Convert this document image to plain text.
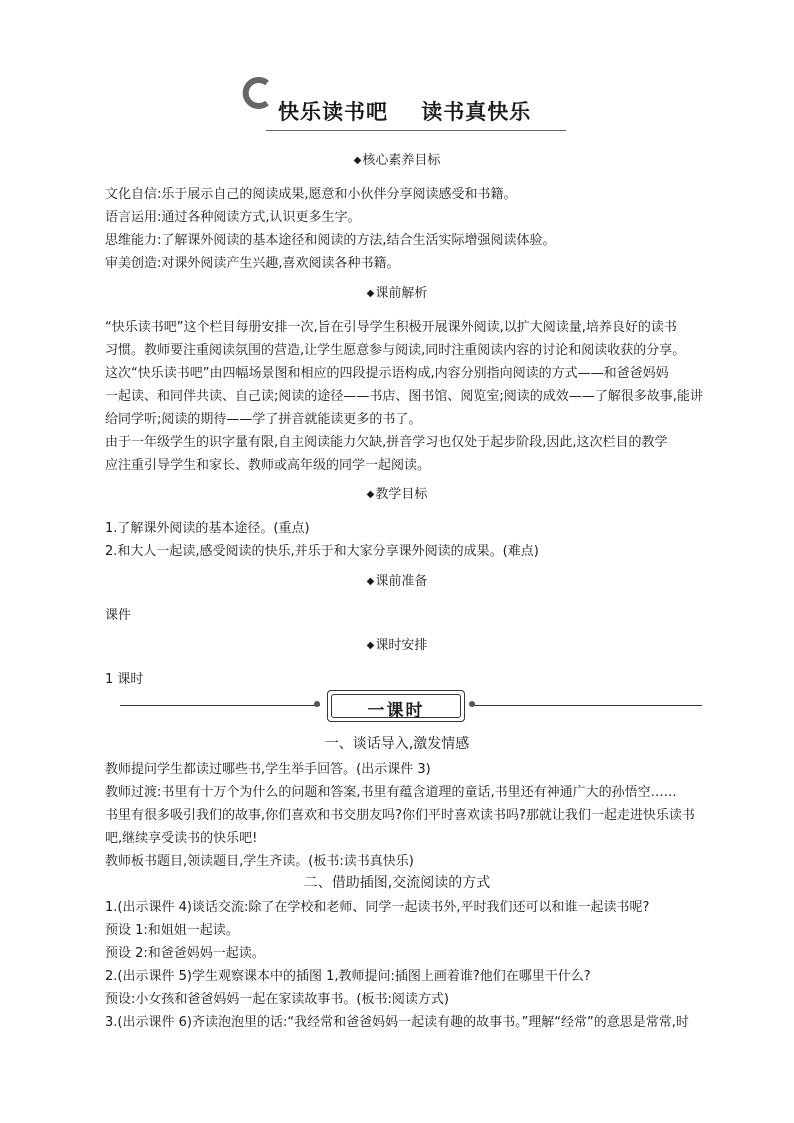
快乐读书吧 读书真快乐
◆核心素养目标
文化自信:乐于展示自己的阅读成果,愿意和小伙伴分享阅读感受和书籍。
语言运用:通过各种阅读方式,认识更多生字。
思维能力:了解课外阅读的基本途径和阅读的方法,结合生活实际增强阅读体验。
审美创造:对课外阅读产生兴趣,喜欢阅读各种书籍。
◆课前解析
“快乐读书吧”这个栏目每册安排一次,旨在引导学生积极开展课外阅读,以扩大阅读量,培养良好的读书
习惯。教师要注重阅读氛围的营造,让学生愿意参与阅读,同时注重阅读内容的讨论和阅读收获的分享。
这次“快乐读书吧”由四幅场景图和相应的四段提示语构成,内容分别指向阅读的方式——和爸爸妈妈
一起读、和同伴共读、自己读;阅读的途径——书店、图书馆、阅览室;阅读的成效——了解很多故事,能讲
给同学听;阅读的期待——学了拼音就能读更多的书了。
由于一年级学生的识字量有限,自主阅读能力欠缺,拼音学习也仅处于起步阶段,因此,这次栏目的教学
应注重引导学生和家长、教师或高年级的同学一起阅读。
◆教学目标
1.了解课外阅读的基本途径。(重点)
2.和大人一起读,感受阅读的快乐,并乐于和大家分享课外阅读的成果。(难点)
◆课前准备
课件
◆课时安排
1 课时
一课时
一、谈话导入,激发情感
教师提问学生都读过哪些书,学生举手回答。(出示课件 3)
教师过渡:书里有十万个为什么的问题和答案,书里有蕴含道理的童话,书里还有神通广大的孙悟空……
书里有很多吸引我们的故事,你们喜欢和书交朋友吗?你们平时喜欢读书吗?那就让我们一起走进快乐读书
吧,继续享受读书的快乐吧!
教师板书题目,领读题目,学生齐读。(板书:读书真快乐)
二、借助插图,交流阅读的方式
1.(出示课件 4)谈话交流:除了在学校和老师、同学一起读书外,平时我们还可以和谁一起读书呢?
预设 1:和姐姐一起读。
预设 2:和爸爸妈妈一起读。
2.(出示课件 5)学生观察课本中的插图 1,教师提问:插图上画着谁?他们在哪里干什么?
预设:小女孩和爸爸妈妈一起在家读故事书。(板书:阅读方式)
3.(出示课件 6)齐读泡泡里的话:“我经常和爸爸妈妈一起读有趣的故事书。”理解“经常”的意思是常常,时
